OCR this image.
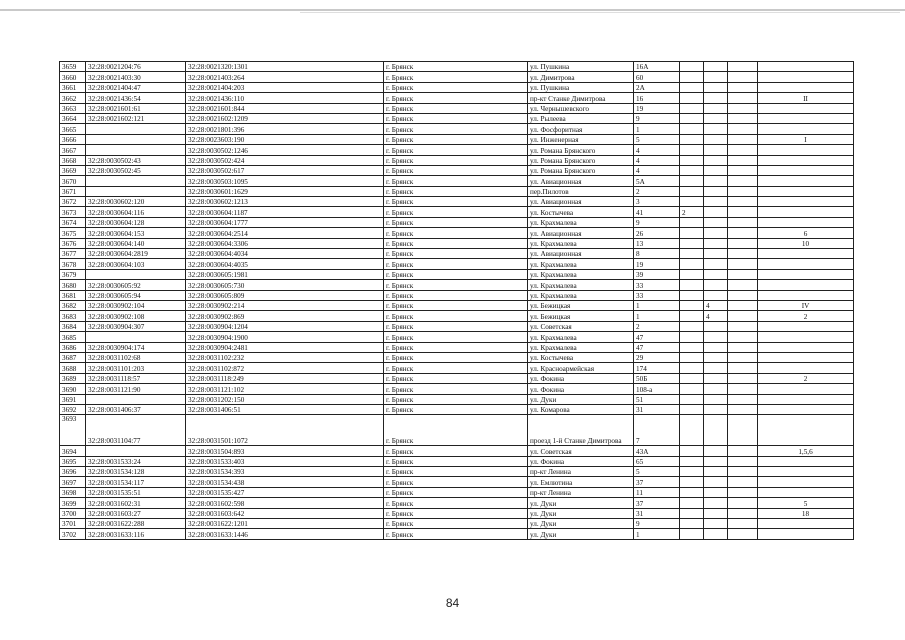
3659	32:28:0021204:76	32:28:0021320:1301	г. Брянск	ул. Пушкина	16А				
3660	32:28:0021403:30	32:28:0021403:264	г. Брянск	ул. Димитрова	60				
3661	32:28:0021404:47	32:28:0021404:203	г. Брянск	ул. Пушкина	2А				
3662	32:28:0021436:54	32:28:0021436:110	г. Брянск	пр-кт Станке Димитрова	16				II
3663	32:28:0021601:61	32:28:0021601:844	г. Брянск	ул. Чернышевского	19				
3664	32:28:0021602:121	32:28:0021602:1209	г. Брянск	ул. Рылеева	9				
3665		32:28:0021801:396	г. Брянск	ул. Фосфоритная	1				
3666		32:28:0023603:190	г. Брянск	ул. Инженерная	5				I
3667		32:28:0030502:1246	г. Брянск	ул. Романа Брянского	4				
3668	32:28:0030502:43	32:28:0030502:424	г. Брянск	ул. Романа Брянского	4				
3669	32:28:0030502:45	32:28:0030502:617	г. Брянск	ул. Романа Брянского	4				
3670		32:28:0030503:1095	г. Брянск	ул. Авиационная	5А				
3671		32:28:0030601:1629	г. Брянск	пер.Пилотов	2				
3672	32:28:0030602:120	32:28:0030602:1213	г. Брянск	ул. Авиационная	3				
3673	32:28:0030604:116	32:28:0030604:1187	г. Брянск	ул. Костычева	41	2			
3674	32:28:0030604:128	32:28:0030604:1777	г. Брянск	ул. Крахмалева	9				
3675	32:28:0030604:153	32:28:0030604:2514	г. Брянск	ул. Авиационная	26				6
3676	32:28:0030604:140	32:28:0030604:3306	г. Брянск	ул. Крахмалева	13				10
3677	32:28:0030604:2819	32:28:0030604:4034	г. Брянск	ул. Авиационная	8				
3678	32:28:0030604:103	32:28:0030604:4035	г. Брянск	ул. Крахмалева	19				
3679		32:28:0030605:1981	г. Брянск	ул. Крахмалева	39				
3680	32:28:0030605:92	32:28:0030605:730	г. Брянск	ул. Крахмалева	33				
3681	32:28:0030605:94	32:28:0030605:809	г. Брянск	ул. Крахмалева	33				
3682	32:28:0030902:104	32:28:0030902:214	г. Брянск	ул. Бежицкая	1		4		IV
3683	32:28:0030902:108	32:28:0030902:869	г. Брянск	ул. Бежицкая	1		4		2
3684	32:28:0030904:307	32:28:0030904:1204	г. Брянск	ул. Советская	2				
3685		32:28:0030904:1900	г. Брянск	ул. Крахмалева	47				
3686	32:28:0030904:174	32:28:0030904:2481	г. Брянск	ул. Крахмалева	47				
3687	32:28:0031102:68	32:28:0031102:232	г. Брянск	ул. Костычева	29				
3688	32:28:0031101:203	32:28:0031102:872	г. Брянск	ул. Красноармейская	174				
3689	32:28:0031118:57	32:28:0031118:249	г. Брянск	ул. Фокина	50Б				2
3690	32:28:0031121:90	32:28:0031121:102	г. Брянск	ул. Фокина	108-а				
3691		32:28:0031202:150	г. Брянск	ул. Дуки	51				
3692	32:28:0031406:37	32:28:0031406:51	г. Брянск	ул. Комарова	31				
3693	32:28:0031104:77	32:28:0031501:1072	г. Брянск	проезд 1-й Станке Димитрова	7				
3694		32:28:0031504:893	г. Брянск	ул. Советская	43А				1,5,6
3695	32:28:0031533:24	32:28:0031533:403	г. Брянск	ул. Фокина	65				
3696	32:28:0031534:128	32:28:0031534:393	г. Брянск	пр-кт Ленина	5				
3697	32:28:0031534:117	32:28:0031534:438	г. Брянск	ул. Емлютина	37				
3698	32:28:0031535:51	32:28:0031535:427	г. Брянск	пр-кт Ленина	11				
3699	32:28:0031602:31	32:28:0031602:598	г. Брянск	ул. Дуки	37				5
3700	32:28:0031603:27	32:28:0031603:642	г. Брянск	ул. Дуки	31				18
3701	32:28:0031622:288	32:28:0031622:1201	г. Брянск	ул. Дуки	9				
3702	32:28:0031633:116	32:28:0031633:1446	г. Брянск	ул. Дуки	1				
84
